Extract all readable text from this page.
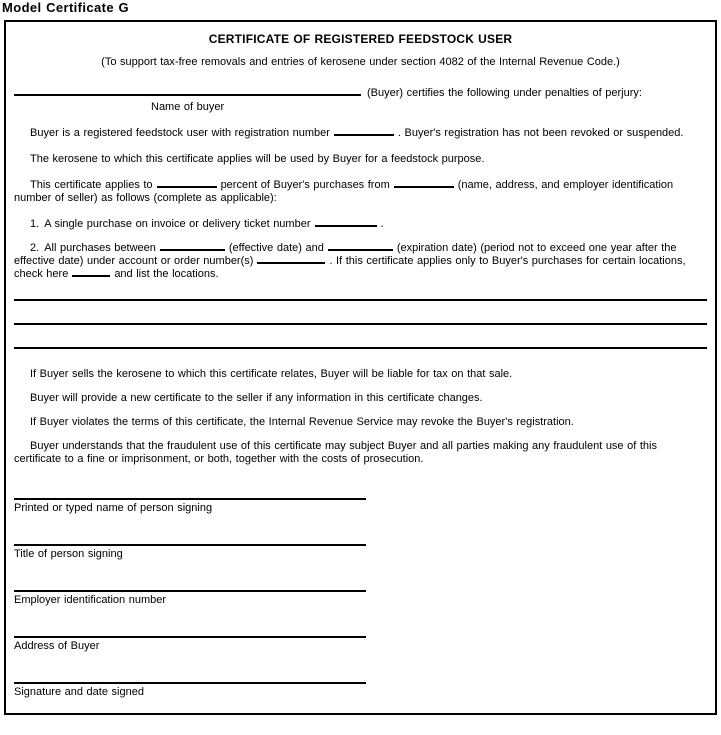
Model Certificate G
CERTIFICATE OF REGISTERED FEEDSTOCK USER
(To support tax-free removals and entries of kerosene under section 4082 of the Internal Revenue Code.)
(Buyer) certifies the following under penalties of perjury:
Name of buyer

Buyer is a registered feedstock user with registration number	. Buyer's registration has not been revoked or suspended.

The kerosene to which this certificate applies will be used by Buyer for a feedstock purpose.

This certificate applies to	percent of Buyer's purchases from	(name, address, and employer identification number of seller) as follows (complete as applicable):

1. A single purchase on invoice or delivery ticket number	.

2. All purchases between	(effective date) and	(expiration date) (period not to exceed one year after the effective date) under account or order number(s)	. If this certificate applies only to Buyer's purchases for certain locations, check here	and list the locations.

If Buyer sells the kerosene to which this certificate relates, Buyer will be liable for tax on that sale.

Buyer will provide a new certificate to the seller if any information in this certificate changes.

If Buyer violates the terms of this certificate, the Internal Revenue Service may revoke the Buyer's registration.

Buyer understands that the fraudulent use of this certificate may subject Buyer and all parties making any fraudulent use of this certificate to a fine or imprisonment, or both, together with the costs of prosecution.

Printed or typed name of person signing
Title of person signing
Employer identification number
Address of Buyer
Signature and date signed
